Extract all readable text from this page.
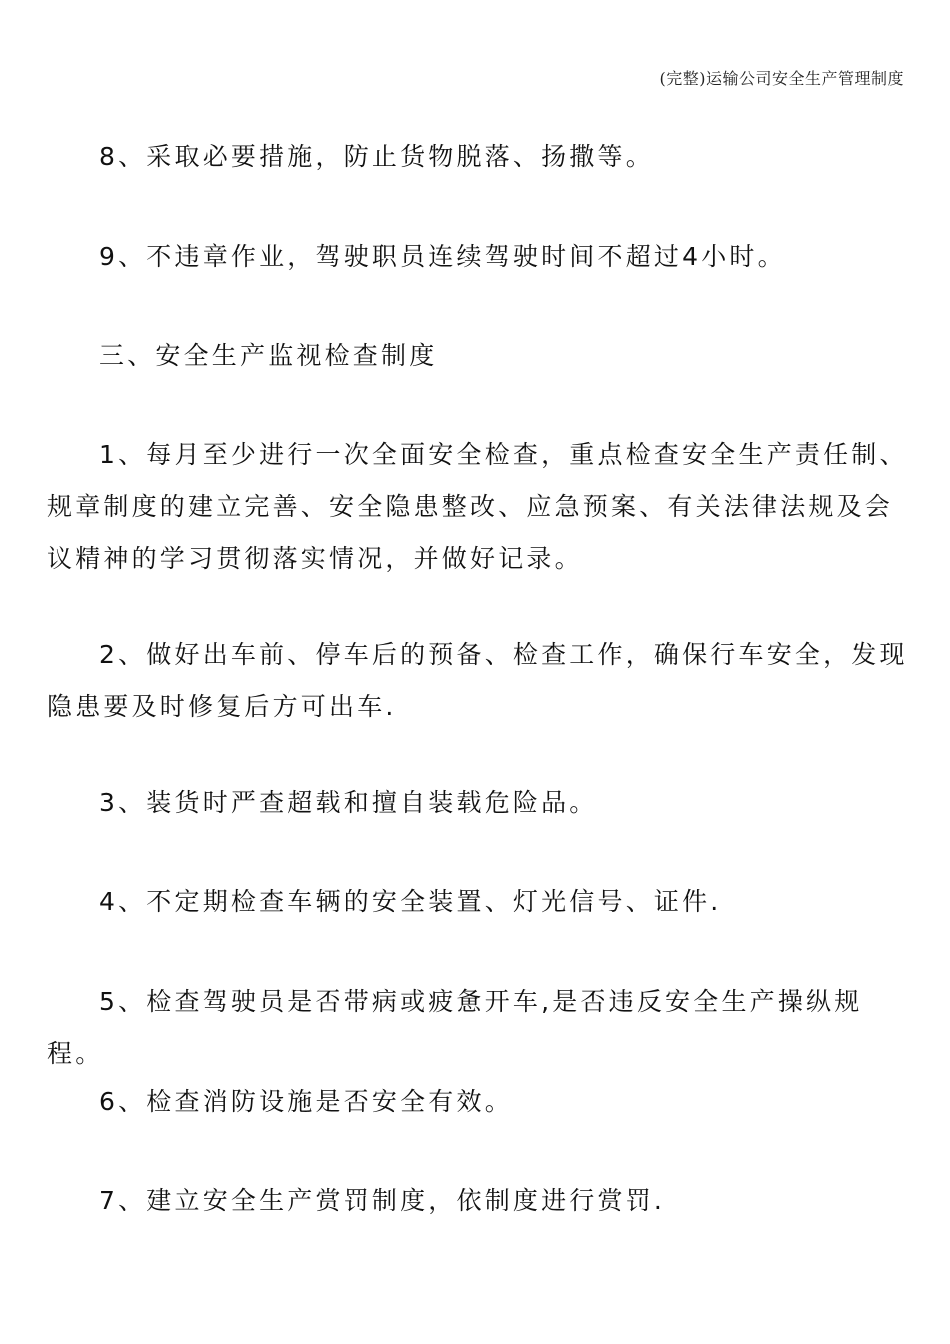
(完整)运输公司安全生产管理制度

8、采取必要措施，防止货物脱落、扬撒等。

9、不违章作业，驾驶职员连续驾驶时间不超过4小时。

三、安全生产监视检查制度

1、每月至少进行一次全面安全检查，重点检查安全生产责任制、规章制度的建立完善、安全隐患整改、应急预案、有关法律法规及会议精神的学习贯彻落实情况，并做好记录。

2、做好出车前、停车后的预备、检查工作，确保行车安全，发现隐患要及时修复后方可出车.

3、装货时严查超载和擅自装载危险品。

4、不定期检查车辆的安全装置、灯光信号、证件.

5、检查驾驶员是否带病或疲惫开车,是否违反安全生产操纵规程。

6、检查消防设施是否安全有效。

7、建立安全生产赏罚制度，依制度进行赏罚.
